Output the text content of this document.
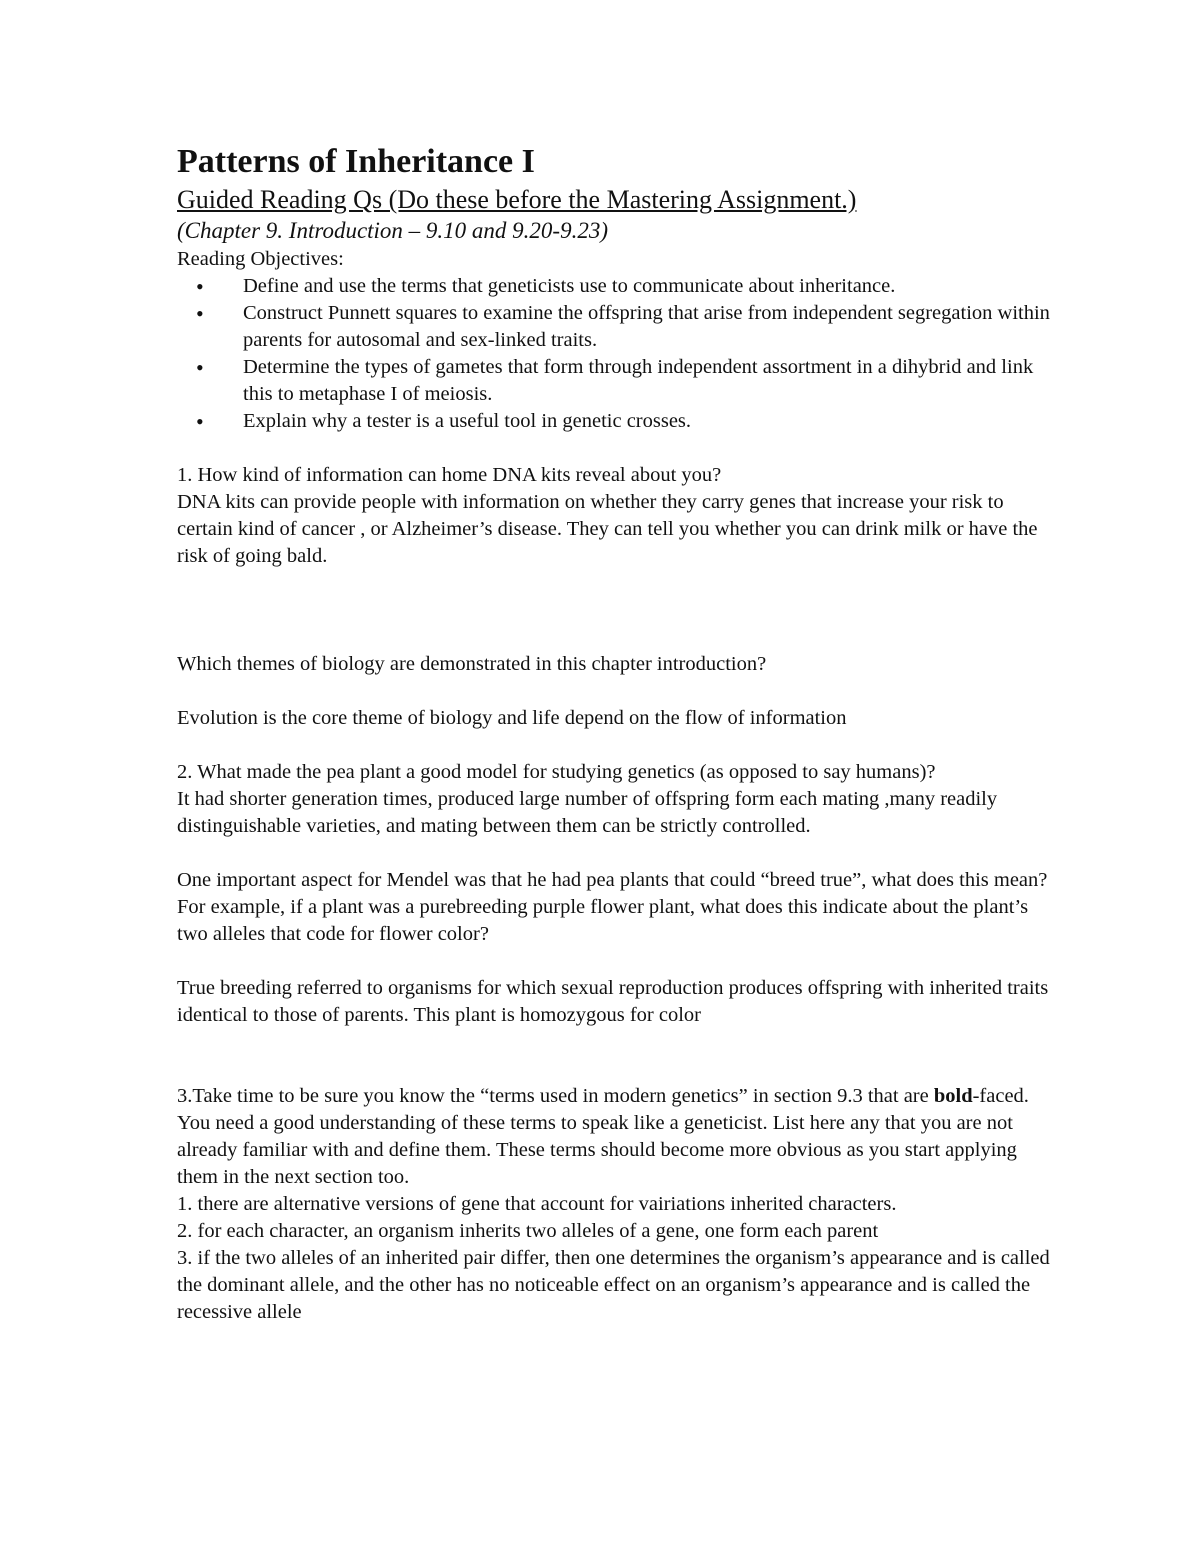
Patterns of Inheritance I

Guided Reading Qs (Do these before the Mastering Assignment.)

(Chapter 9. Introduction – 9.10 and 9.20-9.23)

Reading Objectives:

• Define and use the terms that geneticists use to communicate about inheritance.
• Construct Punnett squares to examine the offspring that arise from independent segregation within parents for autosomal and sex-linked traits.
• Determine the types of gametes that form through independent assortment in a dihybrid and link this to metaphase I of meiosis.
• Explain why a tester is a useful tool in genetic crosses.

1. How kind of information can home DNA kits reveal about you?

DNA kits can provide people with information on whether they carry genes that increase your risk to certain kind of cancer , or Alzheimer’s disease. They can tell you whether you can drink milk or have the risk of going bald.

Which themes of biology are demonstrated in this chapter introduction?

Evolution is the core theme of biology and life depend on the flow of information

2. What made the pea plant a good model for studying genetics (as opposed to say humans)?

It had shorter generation times, produced large number of offspring form each mating ,many readily distinguishable varieties, and mating between them can be strictly controlled.

One important aspect for Mendel was that he had pea plants that could “breed true”, what does this mean? For example, if a plant was a purebreeding purple flower plant, what does this indicate about the plant’s two alleles that code for flower color?

True breeding referred to organisms for which sexual reproduction produces offspring with inherited traits identical to those of parents. This plant is homozygous for color

3.Take time to be sure you know the “terms used in modern genetics” in section 9.3 that are bold-faced. You need a good understanding of these terms to speak like a geneticist. List here any that you are not already familiar with and define them. These terms should become more obvious as you start applying them in the next section too.

1. there are alternative versions of gene that account for vairiations inherited characters.

2. for each character, an organism inherits two alleles of a gene, one form each parent

3. if the two alleles of an inherited pair differ, then one determines the organism’s appearance and is called the dominant allele, and the other has no noticeable effect on an organism’s appearance and is called the recessive allele
